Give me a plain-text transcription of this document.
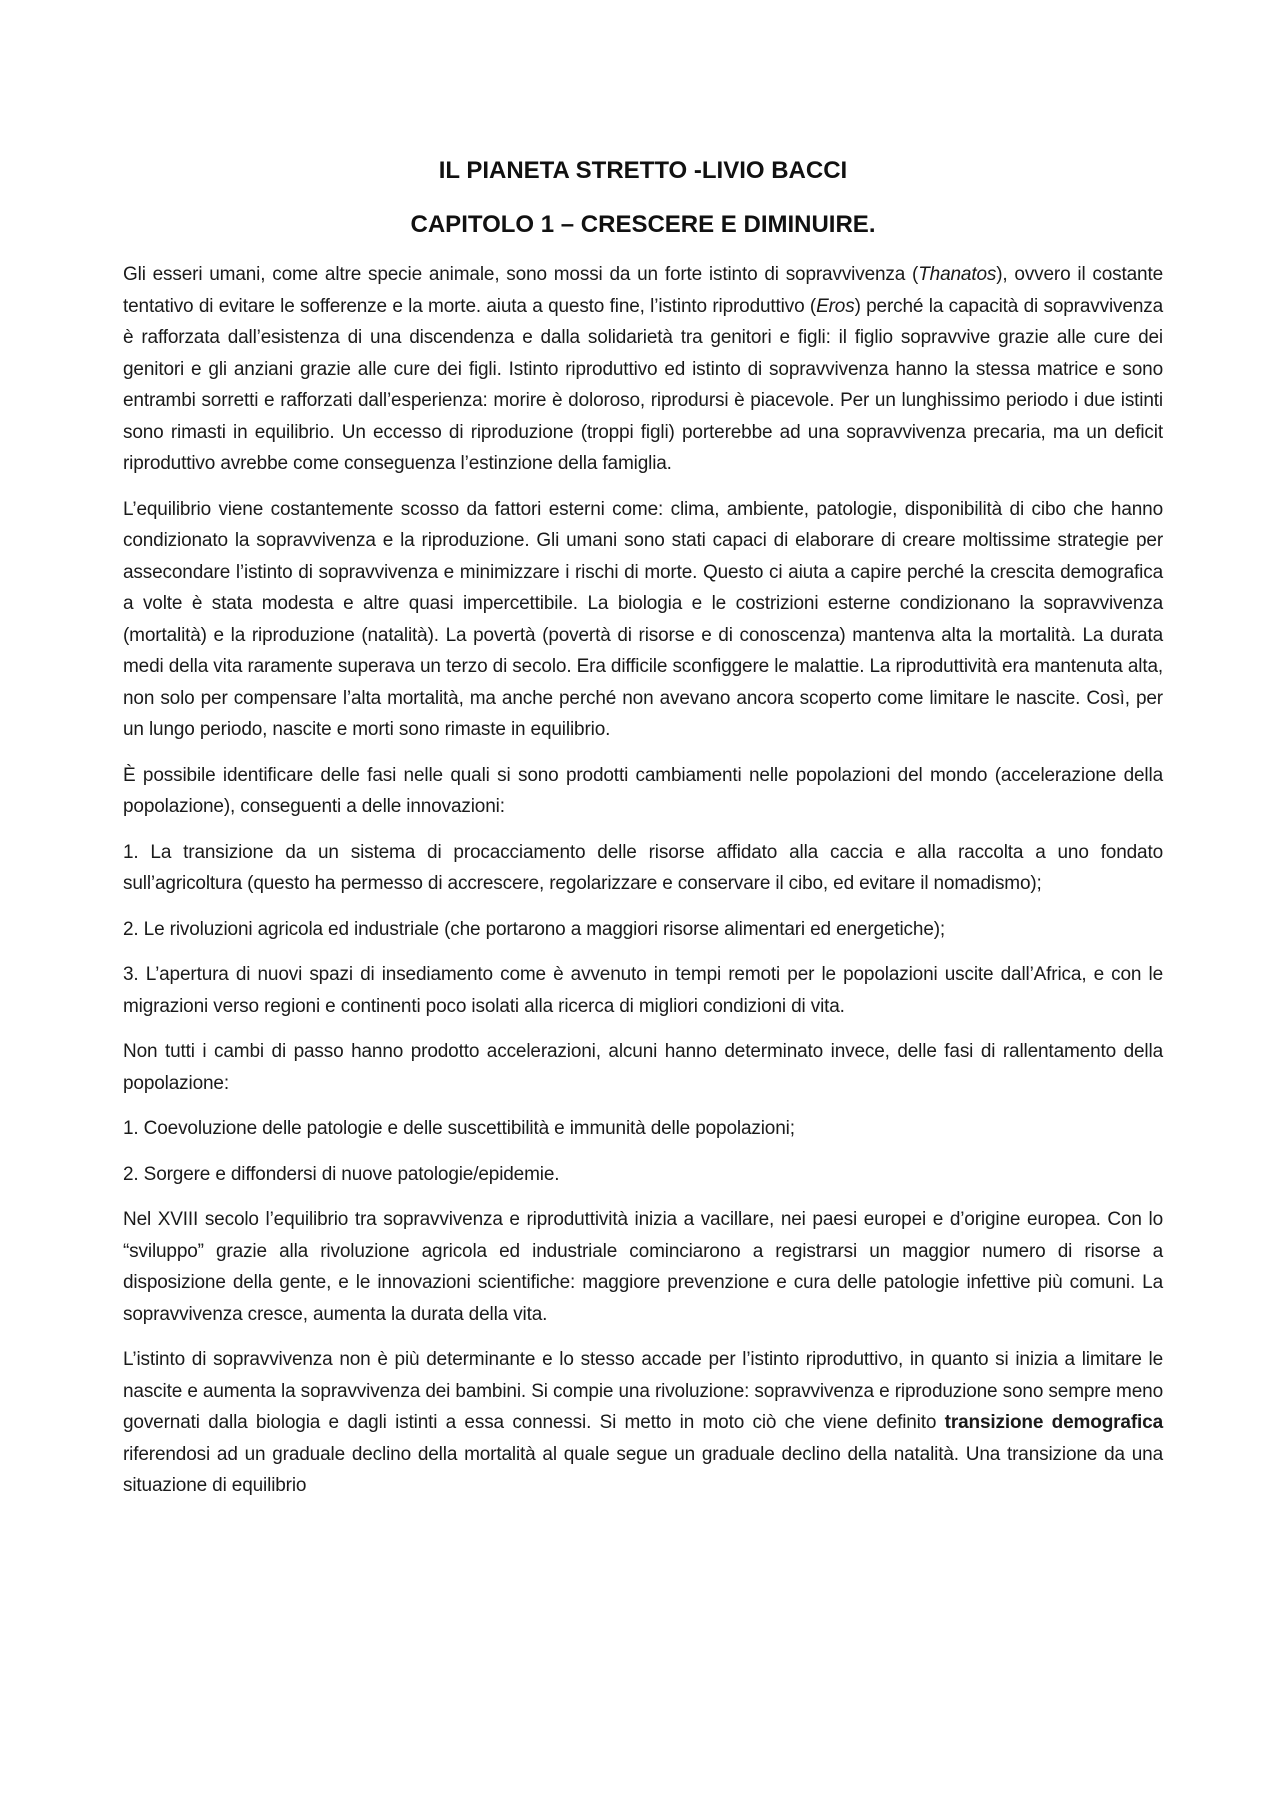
IL PIANETA STRETTO -LIVIO BACCI
CAPITOLO 1 – CRESCERE E DIMINUIRE.

Gli esseri umani, come altre specie animale, sono mossi da un forte istinto di sopravvivenza (Thanatos), ovvero il costante tentativo di evitare le sofferenze e la morte. aiuta a questo fine, l’istinto riproduttivo (Eros) perché la capacità di sopravvivenza è rafforzata dall’esistenza di una discendenza e dalla solidarietà tra genitori e figli: il figlio sopravvive grazie alle cure dei genitori e gli anziani grazie alle cure dei figli. Istinto riproduttivo ed istinto di sopravvivenza hanno la stessa matrice e sono entrambi sorretti e rafforzati dall’esperienza: morire è doloroso, riprodursi è piacevole. Per un lunghissimo periodo i due istinti sono rimasti in equilibrio. Un eccesso di riproduzione (troppi figli) porterebbe ad una sopravvivenza precaria, ma un deficit riproduttivo avrebbe come conseguenza l’estinzione della famiglia.

L’equilibrio viene costantemente scosso da fattori esterni come: clima, ambiente, patologie, disponibilità di cibo che hanno condizionato la sopravvivenza e la riproduzione. Gli umani sono stati capaci di elaborare di creare moltissime strategie per assecondare l’istinto di sopravvivenza e minimizzare i rischi di morte. Questo ci aiuta a capire perché la crescita demografica a volte è stata modesta e altre quasi impercettibile. La biologia e le costrizioni esterne condizionano la sopravvivenza (mortalità) e la riproduzione (natalità). La povertà (povertà di risorse e di conoscenza) mantenva alta la mortalità. La durata medi della vita raramente superava un terzo di secolo. Era difficile sconfiggere le malattie. La riproduttività era mantenuta alta, non solo per compensare l’alta mortalità, ma anche perché non avevano ancora scoperto come limitare le nascite. Così, per un lungo periodo, nascite e morti sono rimaste in equilibrio.

È possibile identificare delle fasi nelle quali si sono prodotti cambiamenti nelle popolazioni del mondo (accelerazione della popolazione), conseguenti a delle innovazioni:

1. La transizione da un sistema di procacciamento delle risorse affidato alla caccia e alla raccolta a uno fondato sull’agricoltura (questo ha permesso di accrescere, regolarizzare e conservare il cibo, ed evitare il nomadismo);

2. Le rivoluzioni agricola ed industriale (che portarono a maggiori risorse alimentari ed energetiche);

3. L’apertura di nuovi spazi di insediamento come è avvenuto in tempi remoti per le popolazioni uscite dall’Africa, e con le migrazioni verso regioni e continenti poco isolati alla ricerca di migliori condizioni di vita.

Non tutti i cambi di passo hanno prodotto accelerazioni, alcuni hanno determinato invece, delle fasi di rallentamento della popolazione:

1. Coevoluzione delle patologie e delle suscettibilità e immunità delle popolazioni;

2. Sorgere e diffondersi di nuove patologie/epidemie.

Nel XVIII secolo l’equilibrio tra sopravvivenza e riproduttività inizia a vacillare, nei paesi europei e d’origine europea. Con lo “sviluppo” grazie alla rivoluzione agricola ed industriale cominciarono a registrarsi un maggior numero di risorse a disposizione della gente, e le innovazioni scientifiche: maggiore prevenzione e cura delle patologie infettive più comuni. La sopravvivenza cresce, aumenta la durata della vita.

L’istinto di sopravvivenza non è più determinante e lo stesso accade per l’istinto riproduttivo, in quanto si inizia a limitare le nascite e aumenta la sopravvivenza dei bambini. Si compie una rivoluzione: sopravvivenza e riproduzione sono sempre meno governati dalla biologia e dagli istinti a essa connessi. Si metto in moto ciò che viene definito transizione demografica riferendosi ad un graduale declino della mortalità al quale segue un graduale declino della natalità. Una transizione da una situazione di equilibrio
